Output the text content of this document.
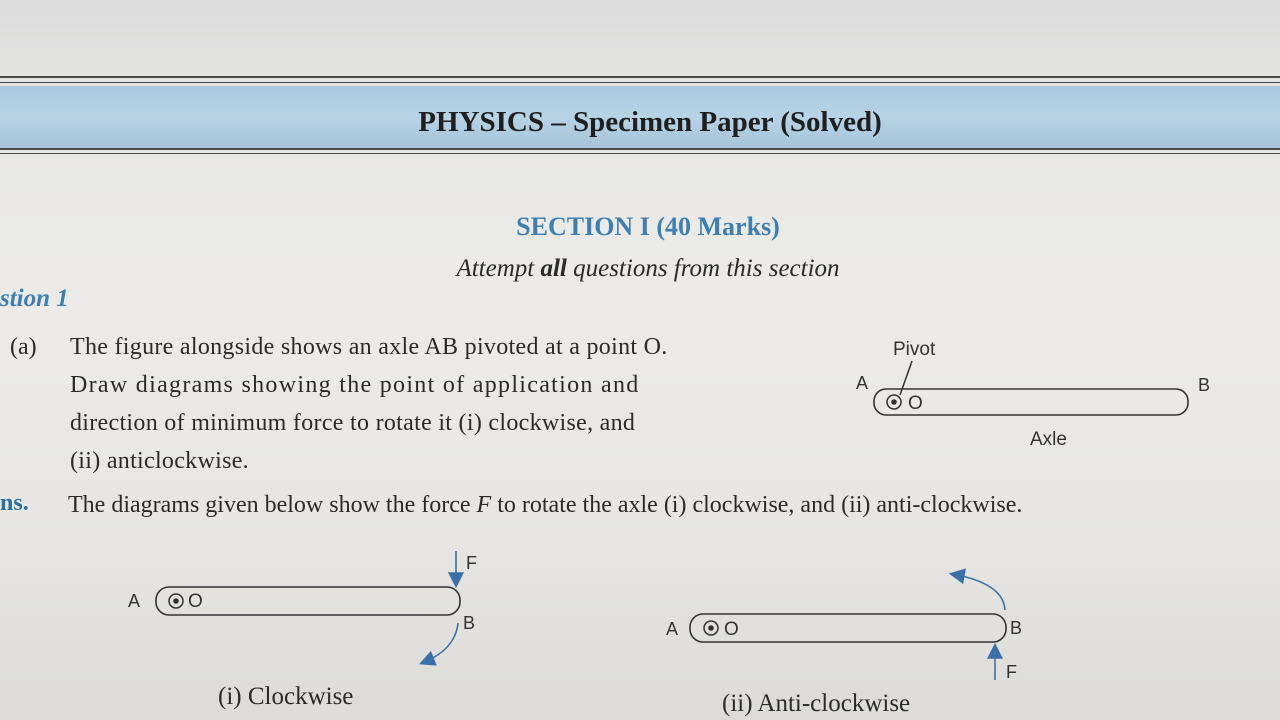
PHYSICS – Specimen Paper (Solved)
SECTION I (40 Marks)
Attempt all questions from this section
stion 1
(a) The figure alongside shows an axle AB pivoted at a point O.
Draw diagrams showing the point of application and
direction of minimum force to rotate it (i) clockwise, and
(ii) anticlockwise.
Pivot
A	B
O
Axle
ns. The diagrams given below show the force F to rotate the axle (i) clockwise, and (ii) anti-clockwise.
A	O
F
B
(i) Clockwise
A O	B
F
(ii) Anti-clockwise
